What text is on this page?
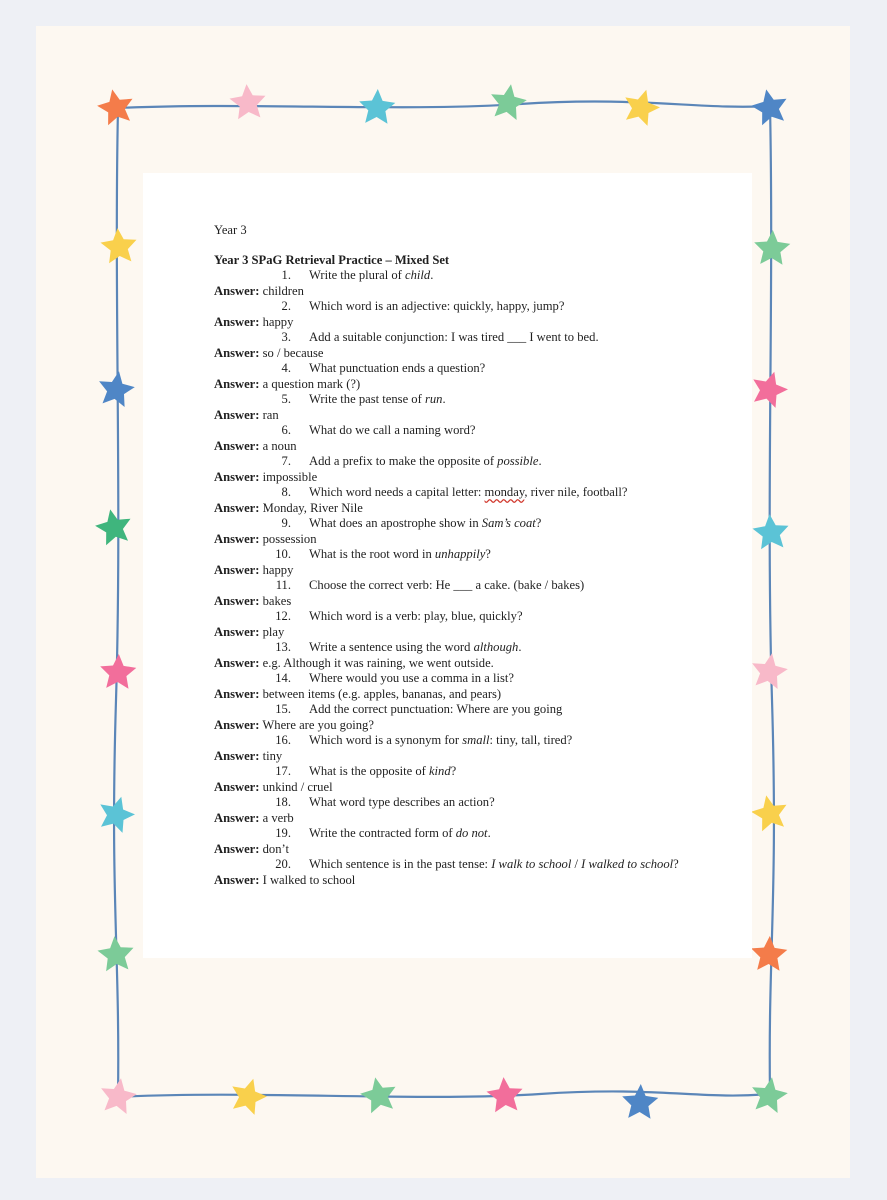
Year 3

Year 3 SPaG Retrieval Practice – Mixed Set

1.	Write the plural of child.

Answer: children

2.	Which word is an adjective: quickly, happy, jump?

Answer: happy

3.	Add a suitable conjunction: I was tired ___ I went to bed.

Answer: so / because

4.	What punctuation ends a question?

Answer: a question mark (?)

5.	Write the past tense of run.

Answer: ran

6.	What do we call a naming word?

Answer: a noun

7.	Add a prefix to make the opposite of possible.

Answer: impossible

8.	Which word needs a capital letter: monday, river nile, football?

Answer: Monday, River Nile

9.	What does an apostrophe show in Sam’s coat?

Answer: possession

10.	What is the root word in unhappily?

Answer: happy

11.	Choose the correct verb: He ___ a cake. (bake / bakes)

Answer: bakes

12.	Which word is a verb: play, blue, quickly?

Answer: play

13.	Write a sentence using the word although.

Answer: e.g. Although it was raining, we went outside.

14.	Where would you use a comma in a list?

Answer: between items (e.g. apples, bananas, and pears)

15.	Add the correct punctuation: Where are you going

Answer: Where are you going?

16.	Which word is a synonym for small: tiny, tall, tired?

Answer: tiny

17.	What is the opposite of kind?

Answer: unkind / cruel

18.	What word type describes an action?

Answer: a verb

19.	Write the contracted form of do not.

Answer: don’t

20.	Which sentence is in the past tense: I walk to school / I walked to school?

Answer: I walked to school
